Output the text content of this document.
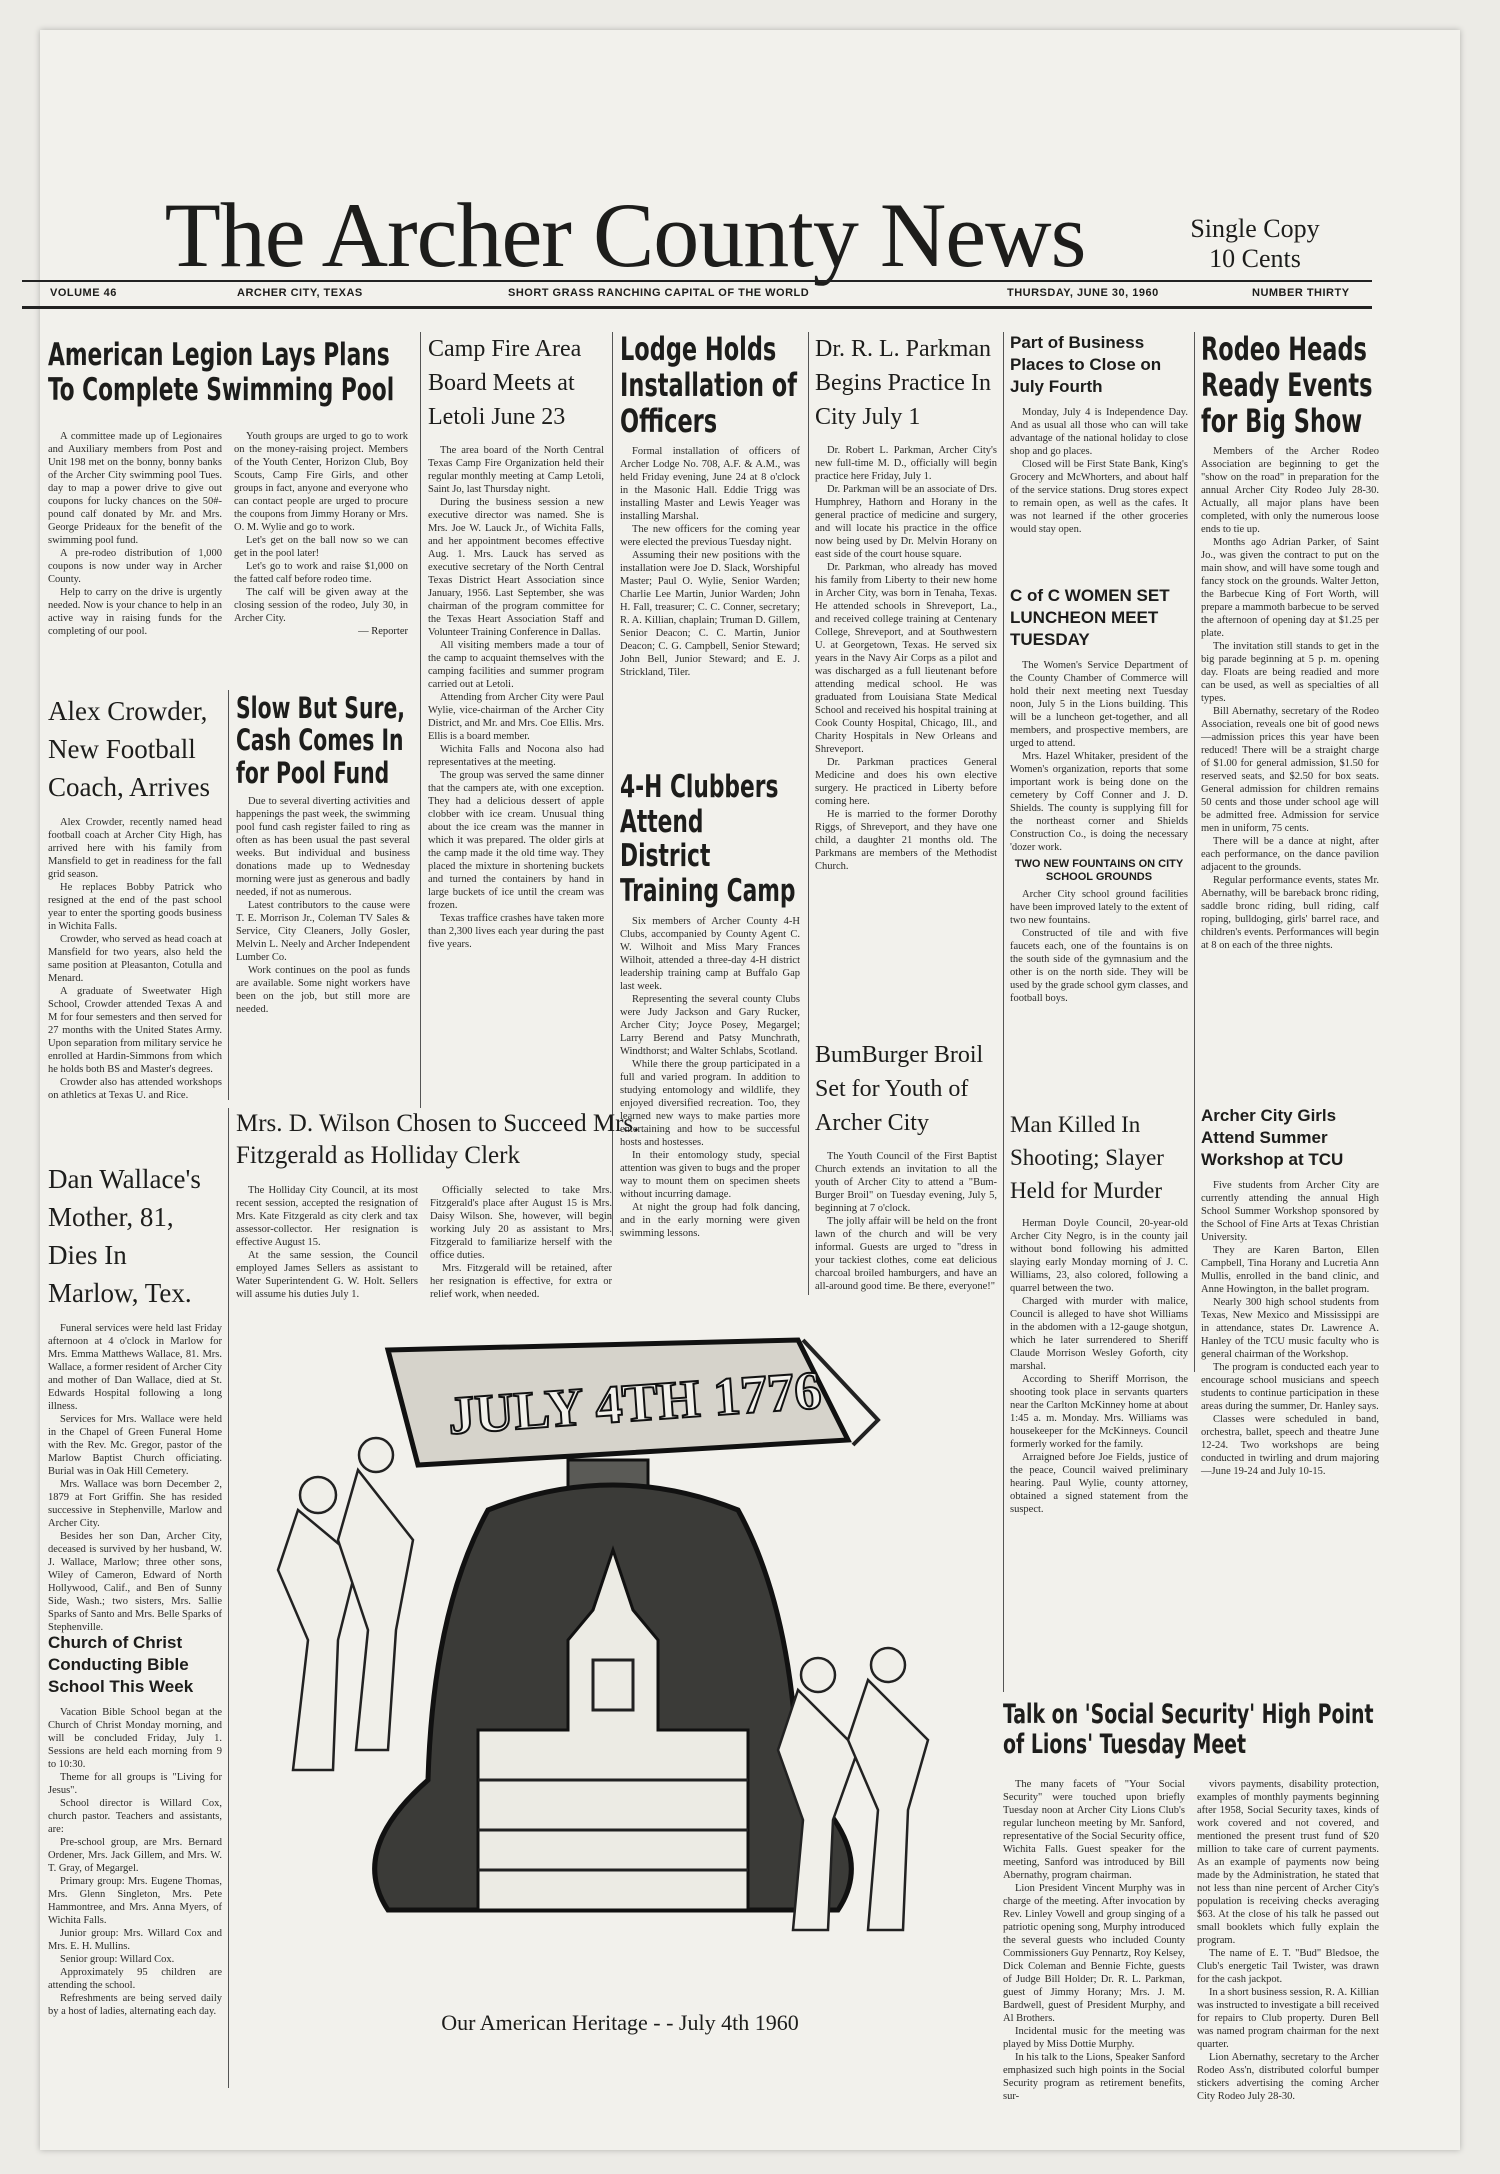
The Archer County News	Single Copy
10 Cents
VOLUME 46	ARCHER CITY, TEXAS	SHORT GRASS RANCHING CAPITAL OF THE WORLD	THURSDAY, JUNE 30, 1960	NUMBER THIRTY
American Legion Lays Plans To Complete Swimming Pool

A committee made up of Legionaires and Auxiliary members from Post and Unit 198 met on the bonny, bonny banks of the Archer City swimming pool Tues. day to map a power drive to give out coupons for lucky chances on the 50#-pound calf donated by Mr. and Mrs. George Prideaux for the benefit of the swimming pool fund.

A pre-rodeo distribution of 1,000 coupons is now under way in Archer County.

Help to carry on the drive is urgently needed. Now is your chance to help in an active way in raising funds for the completing of our pool.

Youth groups are urged to go to work on the money-raising project. Members of the Youth Center, Horizon Club, Boy Scouts, Camp Fire Girls, and other groups in fact, anyone and everyone who can contact people are urged to procure the coupons from Jimmy Horany or Mrs. O. M. Wylie and go to work.

Let's get on the ball now so we can get in the pool later!

Let's go to work and raise $1,000 on the fatted calf before rodeo time.

The calf will be given away at the closing session of the rodeo, July 30, in Archer City.

— Reporter
Alex Crowder, New Football Coach, Arrives

Alex Crowder, recently named head football coach at Archer City High, has arrived here with his family from Mansfield to get in readiness for the fall grid season.

He replaces Bobby Patrick who resigned at the end of the past school year to enter the sporting goods business in Wichita Falls.

Crowder, who served as head coach at Mansfield for two years, also held the same position at Pleasanton, Cotulla and Menard.

A graduate of Sweetwater High School, Crowder attended Texas A and M for four semesters and then served for 27 months with the United States Army. Upon separation from military service he enrolled at Hardin-Simmons from which he holds both BS and Master's degrees.

Crowder also has attended workshops on athletics at Texas U. and Rice.

Slow But Sure, Cash Comes In for Pool Fund

Due to several diverting activities and happenings the past week, the swimming pool fund cash register failed to ring as often as has been usual the past several weeks. But individual and business donations made up to Wednesday morning were just as generous and badly needed, if not as numerous.

Latest contributors to the cause were T. E. Morrison Jr., Coleman TV Sales & Service, City Cleaners, Jolly Gosler, Melvin L. Neely and Archer Independent Lumber Co.

Work continues on the pool as funds are available. Some night workers have been on the job, but still more are needed.

Dan Wallace's Mother, 81, Dies In Marlow, Tex.

Funeral services were held last Friday afternoon at 4 o'clock in Marlow for Mrs. Emma Matthews Wallace, 81. Mrs. Wallace, a former resident of Archer City and mother of Dan Wallace, died at St. Edwards Hospital following a long illness.

Services for Mrs. Wallace were held in the Chapel of Green Funeral Home with the Rev. Mc. Gregor, pastor of the Marlow Baptist Church officiating. Burial was in Oak Hill Cemetery.

Mrs. Wallace was born December 2, 1879 at Fort Griffin. She has resided successive in Stephenville, Marlow and Archer City.

Besides her son Dan, Archer City, deceased is survived by her husband, W. J. Wallace, Marlow; three other sons, Wiley of Cameron, Edward of North Hollywood, Calif., and Ben of Sunny Side, Wash.; two sisters, Mrs. Sallie Sparks of Santo and Mrs. Belle Sparks of Stephenville.

Church of Christ Conducting Bible School This Week

Vacation Bible School began at the Church of Christ Monday morning, and will be concluded Friday, July 1. Sessions are held each morning from 9 to 10:30.

Theme for all groups is "Living for Jesus".

School director is Willard Cox, church pastor. Teachers and assistants, are:

Pre-school group, are Mrs. Bernard Ordener, Mrs. Jack Gillem, and Mrs. W. T. Gray, of Megargel.

Primary group: Mrs. Eugene Thomas, Mrs. Glenn Singleton, Mrs. Pete Hammontree, and Mrs. Anna Myers, of Wichita Falls.

Junior group: Mrs. Willard Cox and Mrs. E. H. Mullins.

Senior group: Willard Cox.

Approximately 95 children are attending the school.

Refreshments are being served daily by a host of ladies, alternating each day.

Camp Fire Area Board Meets at Letoli June 23

The area board of the North Central Texas Camp Fire Organization held their regular monthly meeting at Camp Letoli, Saint Jo, last Thursday night.

During the business session a new executive director was named. She is Mrs. Joe W. Lauck Jr., of Wichita Falls, and her appointment becomes effective Aug. 1. Mrs. Lauck has served as executive secretary of the North Central Texas District Heart Association since January, 1956. Last September, she was chairman of the program committee for the Texas Heart Association Staff and Volunteer Training Conference in Dallas.

All visiting members made a tour of the camp to acquaint themselves with the camping facilities and summer program carried out at Letoli.

Attending from Archer City were Paul Wylie, vice-chairman of the Archer City District, and Mr. and Mrs. Coe Ellis. Mrs. Ellis is a board member.

Wichita Falls and Nocona also had representatives at the meeting.

The group was served the same dinner that the campers ate, with one exception. They had a delicious dessert of apple clobber with ice cream. Unusual thing about the ice cream was the manner in which it was prepared. The older girls at the camp made it the old time way. They placed the mixture in shortening buckets and turned the containers by hand in large buckets of ice until the cream was frozen.

Texas traffice crashes have taken more than 2,300 lives each year during the past five years.

Lodge Holds Installation of Officers

Formal installation of officers of Archer Lodge No. 708, A.F. & A.M., was held Friday evening, June 24 at 8 o'clock in the Masonic Hall. Eddie Trigg was installing Master and Lewis Yeager was installing Marshal.

The new officers for the coming year were elected the previous Tuesday night.

Assuming their new positions with the installation were Joe D. Slack, Worshipful Master; Paul O. Wylie, Senior Warden; Charlie Lee Martin, Junior Warden; John H. Fall, treasurer; C. C. Conner, secretary; R. A. Killian, chaplain; Truman D. Gillem, Senior Deacon; C. C. Martin, Junior Deacon; C. G. Campbell, Senior Steward; John Bell, Junior Steward; and E. J. Strickland, Tiler.

4-H Clubbers Attend District Training Camp

Six members of Archer County 4-H Clubs, accompanied by County Agent C. W. Wilhoit and Miss Mary Frances Wilhoit, attended a three-day 4-H district leadership training camp at Buffalo Gap last week.

Representing the several county Clubs were Judy Jackson and Gary Rucker, Archer City; Joyce Posey, Megargel; Larry Berend and Patsy Munchrath, Windthorst; and Walter Schlabs, Scotland.

While there the group participated in a full and varied program. In addition to studying entomology and wildlife, they enjoyed diversified recreation. Too, they learned new ways to make parties more entertaining and how to be successful hosts and hostesses.

In their entomology study, special attention was given to bugs and the proper way to mount them on specimen sheets without incurring damage.

At night the group had folk dancing, and in the early morning were given swimming lessons.

Dr. R. L. Parkman Begins Practice In City July 1

Dr. Robert L. Parkman, Archer City's new full-time M. D., officially will begin practice here Friday, July 1.

Dr. Parkman will be an associate of Drs. Humphrey, Hathorn and Horany in the general practice of medicine and surgery, and will locate his practice in the office now being used by Dr. Melvin Horany on east side of the court house square.

Dr. Parkman, who already has moved his family from Liberty to their new home in Archer City, was born in Tenaha, Texas. He attended schools in Shreveport, La., and received college training at Centenary College, Shreveport, and at Southwestern U. at Georgetown, Texas. He served six years in the Navy Air Corps as a pilot and was discharged as a full lieutenant before attending medical school. He was graduated from Louisiana State Medical School and received his hospital training at Cook County Hospital, Chicago, Ill., and Charity Hospitals in New Orleans and Shreveport.

Dr. Parkman practices General Medicine and does his own elective surgery. He practiced in Liberty before coming here.

He is married to the former Dorothy Riggs, of Shreveport, and they have one child, a daughter 21 months old. The Parkmans are members of the Methodist Church.

BumBurger Broil Set for Youth of Archer City

The Youth Council of the First Baptist Church extends an invitation to all the youth of Archer City to attend a "Bum-Burger Broil" on Tuesday evening, July 5, beginning at 7 o'clock.

The jolly affair will be held on the front lawn of the church and will be very informal. Guests are urged to "dress in your tackiest clothes, come eat delicious charcoal broiled hamburgers, and have an all-around good time. Be there, everyone!"

Part of Business Places to Close on July Fourth

Monday, July 4 is Independence Day. And as usual all those who can will take advantage of the national holiday to close shop and go places.

Closed will be First State Bank, King's Grocery and McWhorters, and about half of the service stations. Drug stores expect to remain open, as well as the cafes. It was not learned if the other groceries would stay open.

C of C WOMEN SET LUNCHEON MEET TUESDAY

The Women's Service Department of the County Chamber of Commerce will hold their next meeting next Tuesday noon, July 5 in the Lions building. This will be a luncheon get-together, and all members, and prospective members, are urged to attend.

Mrs. Hazel Whitaker, president of the Women's organization, reports that some important work is being done on the cemetery by Coff Conner and J. D. Shields. The county is supplying fill for the northeast corner and Shields Construction Co., is doing the necessary 'dozer work.

TWO NEW FOUNTAINS ON CITY SCHOOL GROUNDS

Archer City school ground facilities have been improved lately to the extent of two new fountains.

Constructed of tile and with five faucets each, one of the fountains is on the south side of the gymnasium and the other is on the north side. They will be used by the grade school gym classes, and football boys.

Man Killed In Shooting; Slayer Held for Murder

Herman Doyle Council, 20-year-old Archer City Negro, is in the county jail without bond following his admitted slaying early Monday morning of J. C. Williams, 23, also colored, following a quarrel between the two.

Charged with murder with malice, Council is alleged to have shot Williams in the abdomen with a 12-gauge shotgun, which he later surrendered to Sheriff Claude Morrison Wesley Goforth, city marshal.

According to Sheriff Morrison, the shooting took place in servants quarters near the Carlton McKinney home at about 1:45 a. m. Monday. Mrs. Williams was housekeeper for the McKinneys. Council formerly worked for the family.

Arraigned before Joe Fields, justice of the peace, Council waived preliminary hearing. Paul Wylie, county attorney, obtained a signed statement from the suspect.

Rodeo Heads Ready Events for Big Show

Members of the Archer Rodeo Association are beginning to get the "show on the road" in preparation for the annual Archer City Rodeo July 28-30. Actually, all major plans have been completed, with only the numerous loose ends to tie up.

Months ago Adrian Parker, of Saint Jo., was given the contract to put on the main show, and will have some tough and fancy stock on the grounds. Walter Jetton, the Barbecue King of Fort Worth, will prepare a mammoth barbecue to be served the afternoon of opening day at $1.25 per plate.

The invitation still stands to get in the big parade beginning at 5 p. m. opening day. Floats are being readied and more can be used, as well as specialties of all types.

Bill Abernathy, secretary of the Rodeo Association, reveals one bit of good news—admission prices this year have been reduced! There will be a straight charge of $1.00 for general admission, $1.50 for reserved seats, and $2.50 for box seats. General admission for children remains 50 cents and those under school age will be admitted free. Admission for service men in uniform, 75 cents.

There will be a dance at night, after each performance, on the dance pavilion adjacent to the grounds.

Regular performance events, states Mr. Abernathy, will be bareback bronc riding, saddle bronc riding, bull riding, calf roping, bulldoging, girls' barrel race, and children's events. Performances will begin at 8 on each of the three nights.

Archer City Girls Attend Summer Workshop at TCU

Five students from Archer City are currently attending the annual High School Summer Workshop sponsored by the School of Fine Arts at Texas Christian University.

They are Karen Barton, Ellen Campbell, Tina Horany and Lucretia Ann Mullis, enrolled in the band clinic, and Anne Howington, in the ballet program.

Nearly 300 high school students from Texas, New Mexico and Mississippi are in attendance, states Dr. Lawrence A. Hanley of the TCU music faculty who is general chairman of the Workshop.

The program is conducted each year to encourage school musicians and speech students to continue participation in these areas during the summer, Dr. Hanley says.

Classes were scheduled in band, orchestra, ballet, speech and theatre June 12-24. Two workshops are being conducted in twirling and drum majoring—June 19-24 and July 10-15.

Mrs. D. Wilson Chosen to Succeed Mrs. Fitzgerald as Holliday Clerk

The Holliday City Council, at its most recent session, accepted the resignation of Mrs. Kate Fitzgerald as city clerk and tax assessor-collector. Her resignation is effective August 15.

At the same session, the Council employed James Sellers as assistant to Water Superintendent G. W. Holt. Sellers will assume his duties July 1.

Officially selected to take Mrs. Fitzgerald's place after August 15 is Mrs. Daisy Wilson. She, however, will begin working July 20 as assistant to Mrs. Fitzgerald to familiarize herself with the office duties.

Mrs. Fitzgerald will be retained, after her resignation is effective, for extra or relief work, when needed.

Talk on 'Social Security' High Point of Lions' Tuesday Meet

The many facets of "Your Social Security" were touched upon briefly Tuesday noon at Archer City Lions Club's regular luncheon meeting by Mr. Sanford, representative of the Social Security office, Wichita Falls. Guest speaker for the meeting, Sanford was introduced by Bill Abernathy, program chairman.

Lion President Vincent Murphy was in charge of the meeting. After invocation by Rev. Linley Vowell and group singing of a patriotic opening song, Murphy introduced the several guests who included County Commissioners Guy Pennartz, Roy Kelsey, Dick Coleman and Bennie Fichte, guests of Judge Bill Holder; Dr. R. L. Parkman, guest of Jimmy Horany; Mrs. J. M. Bardwell, guest of President Murphy, and Al Brothers.

Incidental music for the meeting was played by Miss Dottie Murphy.

In his talk to the Lions, Speaker Sanford emphasized such high points in the Social Security program as retirement benefits, sur-

vivors payments, disability protection, examples of monthly payments beginning after 1958, Social Security taxes, kinds of work covered and not covered, and mentioned the present trust fund of $20 million to take care of current payments. As an example of payments now being made by the Administration, he stated that not less than nine percent of Archer City's population is receiving checks averaging $63. At the close of his talk he passed out small booklets which fully explain the program.

The name of E. T. "Bud" Bledsoe, the Club's energetic Tail Twister, was drawn for the cash jackpot.

In a short business session, R. A. Killian was instructed to investigate a bill received for repairs to Club property. Duren Bell was named program chairman for the next quarter.

Lion Abernathy, secretary to the Archer Rodeo Ass'n, distributed colorful bumper stickers advertising the coming Archer City Rodeo July 28-30.

JULY 4TH 1776
Our American Heritage - - July 4th 1960
